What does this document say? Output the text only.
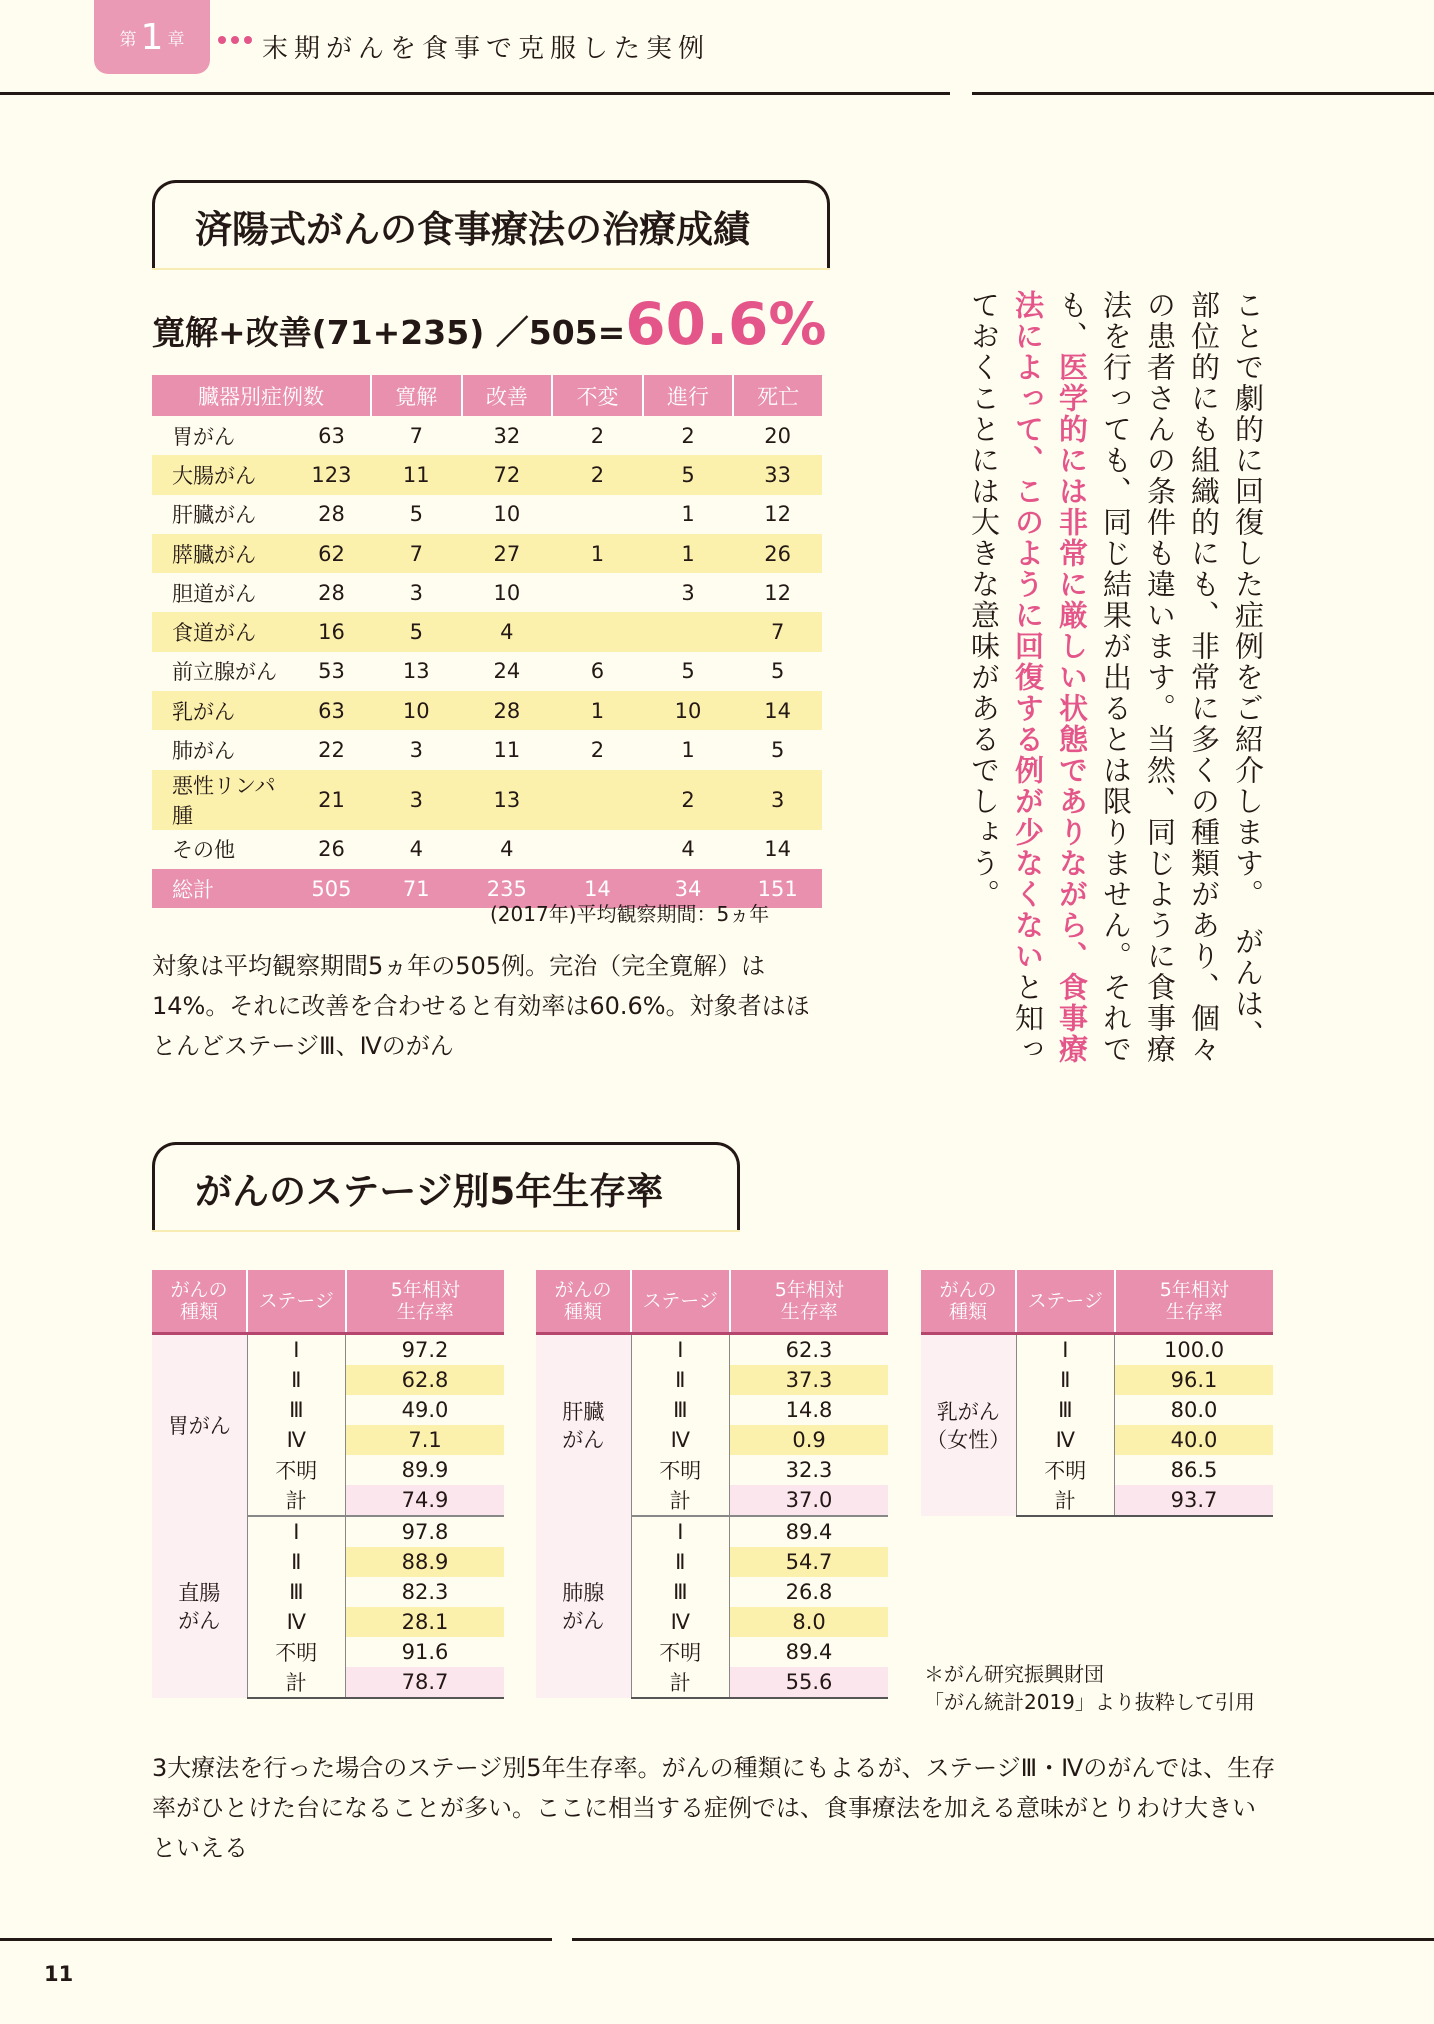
第 1 章	末期がんを食事で克服した実例
済陽式がんの食事療法の治療成績
寛解+改善(71+235) ／505=60.6%
臓器別症例数		寛解	改善	不変	進行	死亡
胃がん	63	7	32	2	2	20
大腸がん	123	11	72	2	5	33
肝臓がん	28	5	10		1	12
膵臓がん	62	7	27	1	1	26
胆道がん	28	3	10		3	12
食道がん	16	5	4			7
前立腺がん	53	13	24	6	5	5
乳がん	63	10	28	1	10	14
肺がん	22	3	11	2	1	5
悪性リンパ腫	21	3	13		2	3
その他	26	4	4		4	14
総計	505	71	235	14	34	151
(2017年)平均観察期間：5ヵ年
対象は平均観察期間5ヵ年の505例。完治（完全寛解）は14%。それに改善を合わせると有効率は60.6%。対象者はほとんどステージⅢ、Ⅳのがん	ことで劇的に回復した症例をご紹介します。　がんは、部位的にも組織的にも、非常に多くの種類があり、個々の患者さんの条件も違います。当然、同じように食事療法を行っても、同じ結果が出るとは限りません。それでも、医学的には非常に厳しい状態でありながら、食事療法によって、このように回復する例が少なくないと知っておくことには大きな意味があるでしょう。
がんのステージ別5年生存率
がんの
種類	ステージ	5年相対
生存率
胃がん	Ⅰ	97.2
	Ⅱ	62.8
	Ⅲ	49.0
	Ⅳ	7.1
	不明	89.9
	計	74.9
直腸
がん	Ⅰ	97.8
	Ⅱ	88.9
	Ⅲ	82.3
	Ⅳ	28.1
	不明	91.6
	計	78.7
がんの
種類	ステージ	5年相対
生存率
肝臓
がん	Ⅰ	62.3
	Ⅱ	37.3
	Ⅲ	14.8
	Ⅳ	0.9
	不明	32.3
	計	37.0
肺腺
がん	Ⅰ	89.4
	Ⅱ	54.7
	Ⅲ	26.8
	Ⅳ	8.0
	不明	89.4
	計	55.6
がんの
種類	ステージ	5年相対
生存率
乳がん
（女性）	Ⅰ	100.0
	Ⅱ	96.1
	Ⅲ	80.0
	Ⅳ	40.0
	不明	86.5
	計	93.7
＊がん研究振興財団
「がん統計2019」より抜粋して引用
3大療法を行った場合のステージ別5年生存率。がんの種類にもよるが、ステージⅢ・Ⅳのがんでは、生存率がひとけた台になることが多い。ここに相当する症例では、食事療法を加える意味がとりわけ大きいといえる
11
